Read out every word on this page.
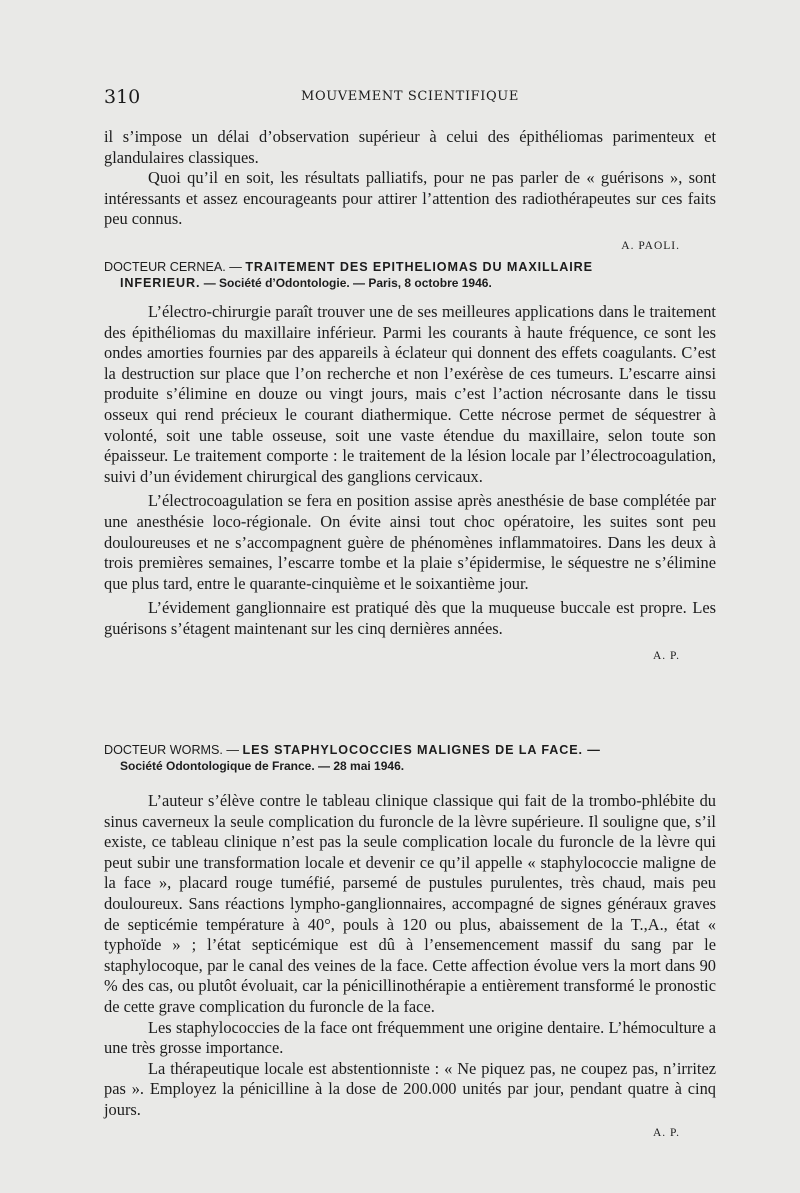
310	MOUVEMENT SCIENTIFIQUE

il s’impose un délai d’observation supérieur à celui des épithéliomas parimenteux et glandulaires classiques.

Quoi qu’il en soit, les résultats palliatifs, pour ne pas parler de « guérisons », sont intéressants et assez encourageants pour attirer l’attention des radiothérapeutes sur ces faits peu connus.

A. PAOLI.
DOCTEUR CERNEA. — TRAITEMENT DES EPITHELIOMAS DU MAXILLAIRE
INFERIEUR. — Société d’Odontologie. — Paris, 8 octobre 1946.

L’électro-chirurgie paraît trouver une de ses meilleures applications dans le traitement des épithéliomas du maxillaire inférieur. Parmi les courants à haute fréquence, ce sont les ondes amorties fournies par des appareils à éclateur qui donnent des effets coagulants. C’est la destruction sur place que l’on recherche et non l’exérèse de ces tumeurs. L’escarre ainsi produite s’élimine en douze ou vingt jours, mais c’est l’action nécrosante dans le tissu osseux qui rend précieux le courant diathermique. Cette nécrose permet de séquestrer à volonté, soit une table osseuse, soit une vaste étendue du maxillaire, selon toute son épaisseur. Le traitement comporte : le traitement de la lésion locale par l’électrocoagulation, suivi d’un évidement chirurgical des ganglions cervicaux.

L’électrocoagulation se fera en position assise après anesthésie de base complétée par une anesthésie loco-régionale. On évite ainsi tout choc opératoire, les suites sont peu douloureuses et ne s’accompagnent guère de phénomènes inflammatoires. Dans les deux à trois premières semaines, l’escarre tombe et la plaie s’épidermise, le séquestre ne s’élimine que plus tard, entre le quarante-cinquième et le soixantième jour.

L’évidement ganglionnaire est pratiqué dès que la muqueuse buccale est propre. Les guérisons s’étagent maintenant sur les cinq dernières années.

A. P.
DOCTEUR WORMS. — LES STAPHYLOCOCCIES MALIGNES DE LA FACE. —
Société Odontologique de France. — 28 mai 1946.

L’auteur s’élève contre le tableau clinique classique qui fait de la trombo-phlébite du sinus caverneux la seule complication du furoncle de la lèvre supérieure. Il souligne que, s’il existe, ce tableau clinique n’est pas la seule complication locale du furoncle de la lèvre qui peut subir une transformation locale et devenir ce qu’il appelle « staphylococcie maligne de la face », placard rouge tuméfié, parsemé de pustules purulentes, très chaud, mais peu douloureux. Sans réactions lympho-ganglionnaires, accompagné de signes généraux graves de septicémie température à 40°, pouls à 120 ou plus, abaissement de la T.,A., état « typhoïde » ; l’état septicémique est dû à l’ensemencement massif du sang par le staphylocoque, par le canal des veines de la face. Cette affection évolue vers la mort dans 90 % des cas, ou plutôt évoluait, car la pénicillinothérapie a entièrement transformé le pronostic de cette grave complication du furoncle de la face.

Les staphylococcies de la face ont fréquemment une origine dentaire. L’hémoculture a une très grosse importance.

La thérapeutique locale est abstentionniste : « Ne piquez pas, ne coupez pas, n’irritez pas ». Employez la pénicilline à la dose de 200.000 unités par jour, pendant quatre à cinq jours.

A. P.
